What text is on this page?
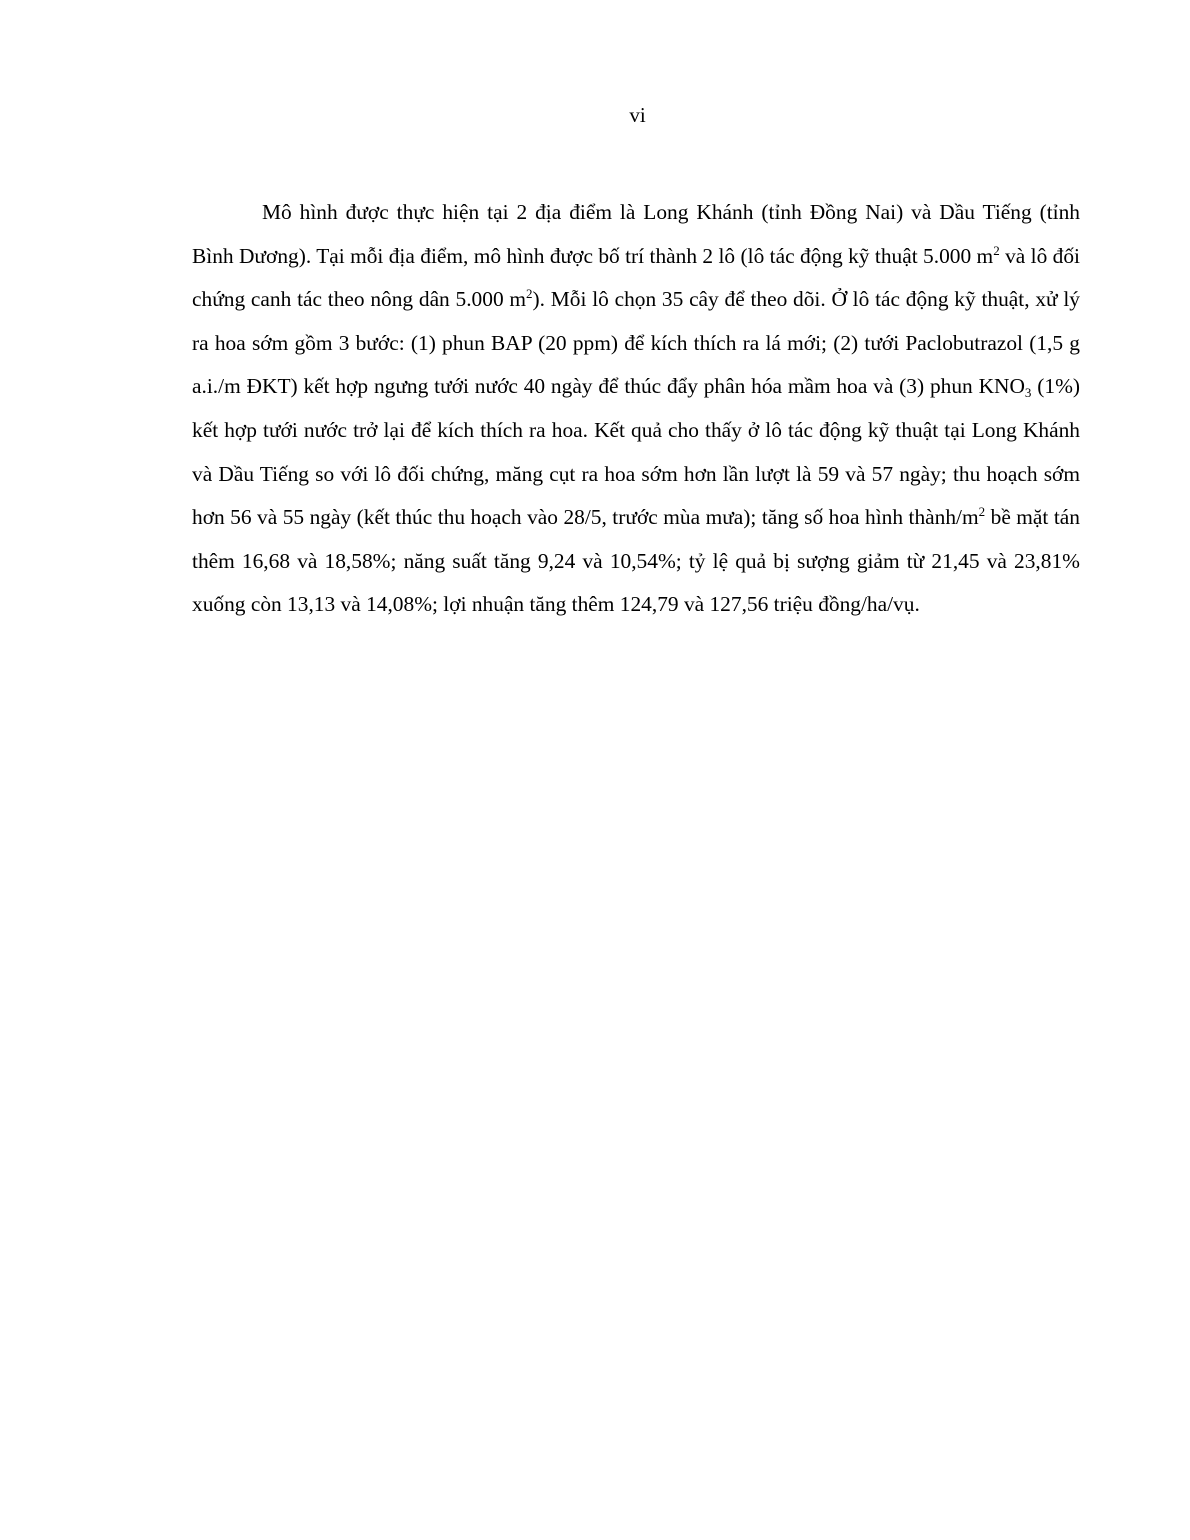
vi

Mô hình được thực hiện tại 2 địa điểm là Long Khánh (tỉnh Đồng Nai) và Dầu Tiếng (tỉnh Bình Dương). Tại mỗi địa điểm, mô hình được bố trí thành 2 lô (lô tác động kỹ thuật 5.000 $m^2$ và lô đối chứng canh tác theo nông dân 5.000 $m^2$). Mỗi lô chọn 35 cây để theo dõi. Ở lô tác động kỹ thuật, xử lý ra hoa sớm gồm 3 bước: (1) phun BAP (20 ppm) để kích thích ra lá mới; (2) tưới Paclobutrazol (1,5 g a.i./m ĐKT) kết hợp ngưng tưới nước 40 ngày để thúc đẩy phân hóa mầm hoa và (3) phun $KNO_3$ (1%) kết hợp tưới nước trở lại để kích thích ra hoa. Kết quả cho thấy ở lô tác động kỹ thuật tại Long Khánh và Dầu Tiếng so với lô đối chứng, măng cụt ra hoa sớm hơn lần lượt là 59 và 57 ngày; thu hoạch sớm hơn 56 và 55 ngày (kết thúc thu hoạch vào 28/5, trước mùa mưa); tăng số hoa hình thành/$m^2$ bề mặt tán thêm 16,68 và 18,58%; năng suất tăng 9,24 và 10,54%; tỷ lệ quả bị sượng giảm từ 21,45 và 23,81% xuống còn 13,13 và 14,08%; lợi nhuận tăng thêm 124,79 và 127,56 triệu đồng/ha/vụ.
